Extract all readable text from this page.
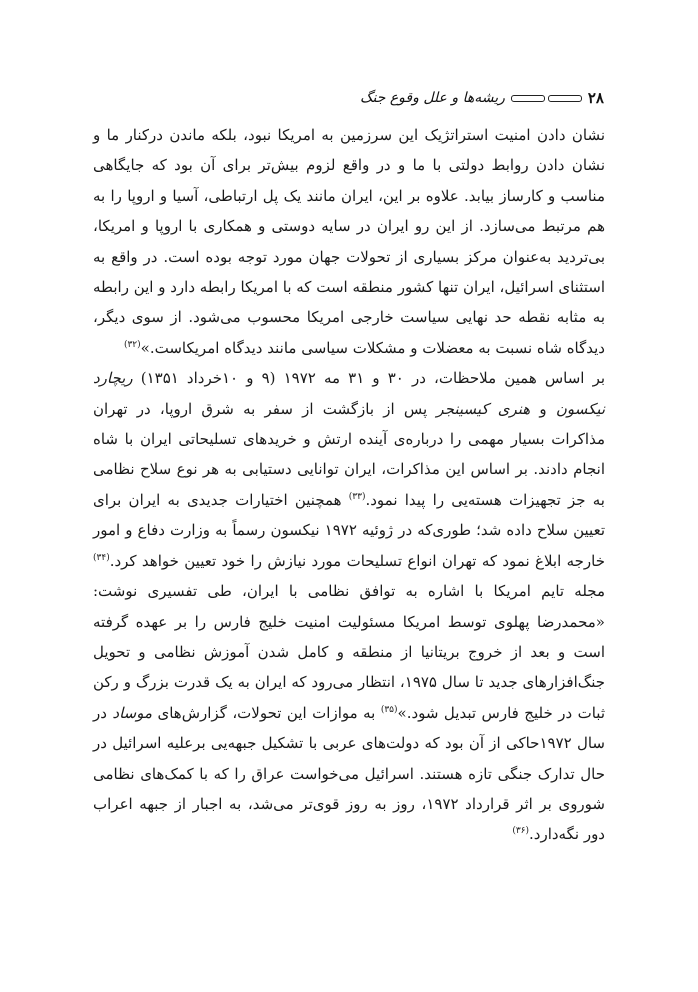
۲۸
ریشه‌ها و علل وقوع جنگ

نشان دادن امنیت استراتژیک این سرزمین به امریکا نبود، بلکه ماندن درکنار ما و نشان دادن روابط دولتی با ما و در واقع لزوم بیش‌تر برای آن بود که جایگاهی مناسب و کارساز بیابد. علاوه بر این، ایران مانند یک پل ارتباطی، آسیا و اروپا را به هم مرتبط می‌سازد. از این رو ایران در سایه دوستی و همکاری با اروپا و امریکا، بی‌تردید به‌عنوان مرکز بسیاری از تحولات جهان مورد توجه بوده است. در واقع به استثنای اسرائیل، ایران تنها کشور منطقه است که با امریکا رابطه دارد و این رابطه به مثابه نقطه حد نهایی سیاست خارجی امریکا محسوب می‌شود. از سوی دیگر، دیدگاه شاه نسبت به معضلات و مشکلات سیاسی مانند دیدگاه امریکاست.»$^{(۳۲)}$

بر اساس همین ملاحظات، در ۳۰ و ۳۱ مه ۱۹۷۲ (۹ و ۱۰خرداد ۱۳۵۱) ریچارد نیکسون و هنری کیسینجر پس از بازگشت از سفر به شرق اروپا، در تهران مذاکرات بسیار مهمی را درباره‌ی آینده ارتش و خریدهای تسلیحاتی ایران با شاه انجام دادند. بر اساس این مذاکرات، ایران توانایی دستیابی به هر نوع سلاح نظامی به جز تجهیزات هسته‌یی را پیدا نمود.$^{(۳۳)}$ همچنین اختیارات جدیدی به ایران برای تعیین سلاح داده شد؛ طوری‌که در ژوئیه ۱۹۷۲ نیکسون رسماً به وزارت دفاع و امور خارجه ابلاغ نمود که تهران انواع تسلیحات مورد نیازش را خود تعیین خواهد کرد.$^{(۳۴)}$ مجله تایم امریکا با اشاره به توافق نظامی با ایران، طی تفسیری نوشت: «محمدرضا پهلوی توسط امریکا مسئولیت امنیت خلیج فارس را بر عهده گرفته است و بعد از خروج بریتانیا از منطقه و کامل شدن آموزش نظامی و تحویل جنگ‌افزارهای جدید تا سال ۱۹۷۵، انتظار می‌رود که ایران به یک قدرت بزرگ و رکن ثبات در خلیج فارس تبدیل شود.»$^{(۳۵)}$ به موازات این تحولات، گزارش‌های موساد در سال ۱۹۷۲حاکی از آن بود که دولت‌های عربی با تشکیل جبهه‌یی برعلیه اسرائیل در حال تدارک جنگی تازه هستند. اسرائیل می‌خواست عراق را که با کمک‌های نظامی شوروی بر اثر قرارداد ۱۹۷۲، روز به روز قوی‌تر می‌شد، به اجبار از جبهه اعراب دور نگه‌دارد.$^{(۳۶)}$
